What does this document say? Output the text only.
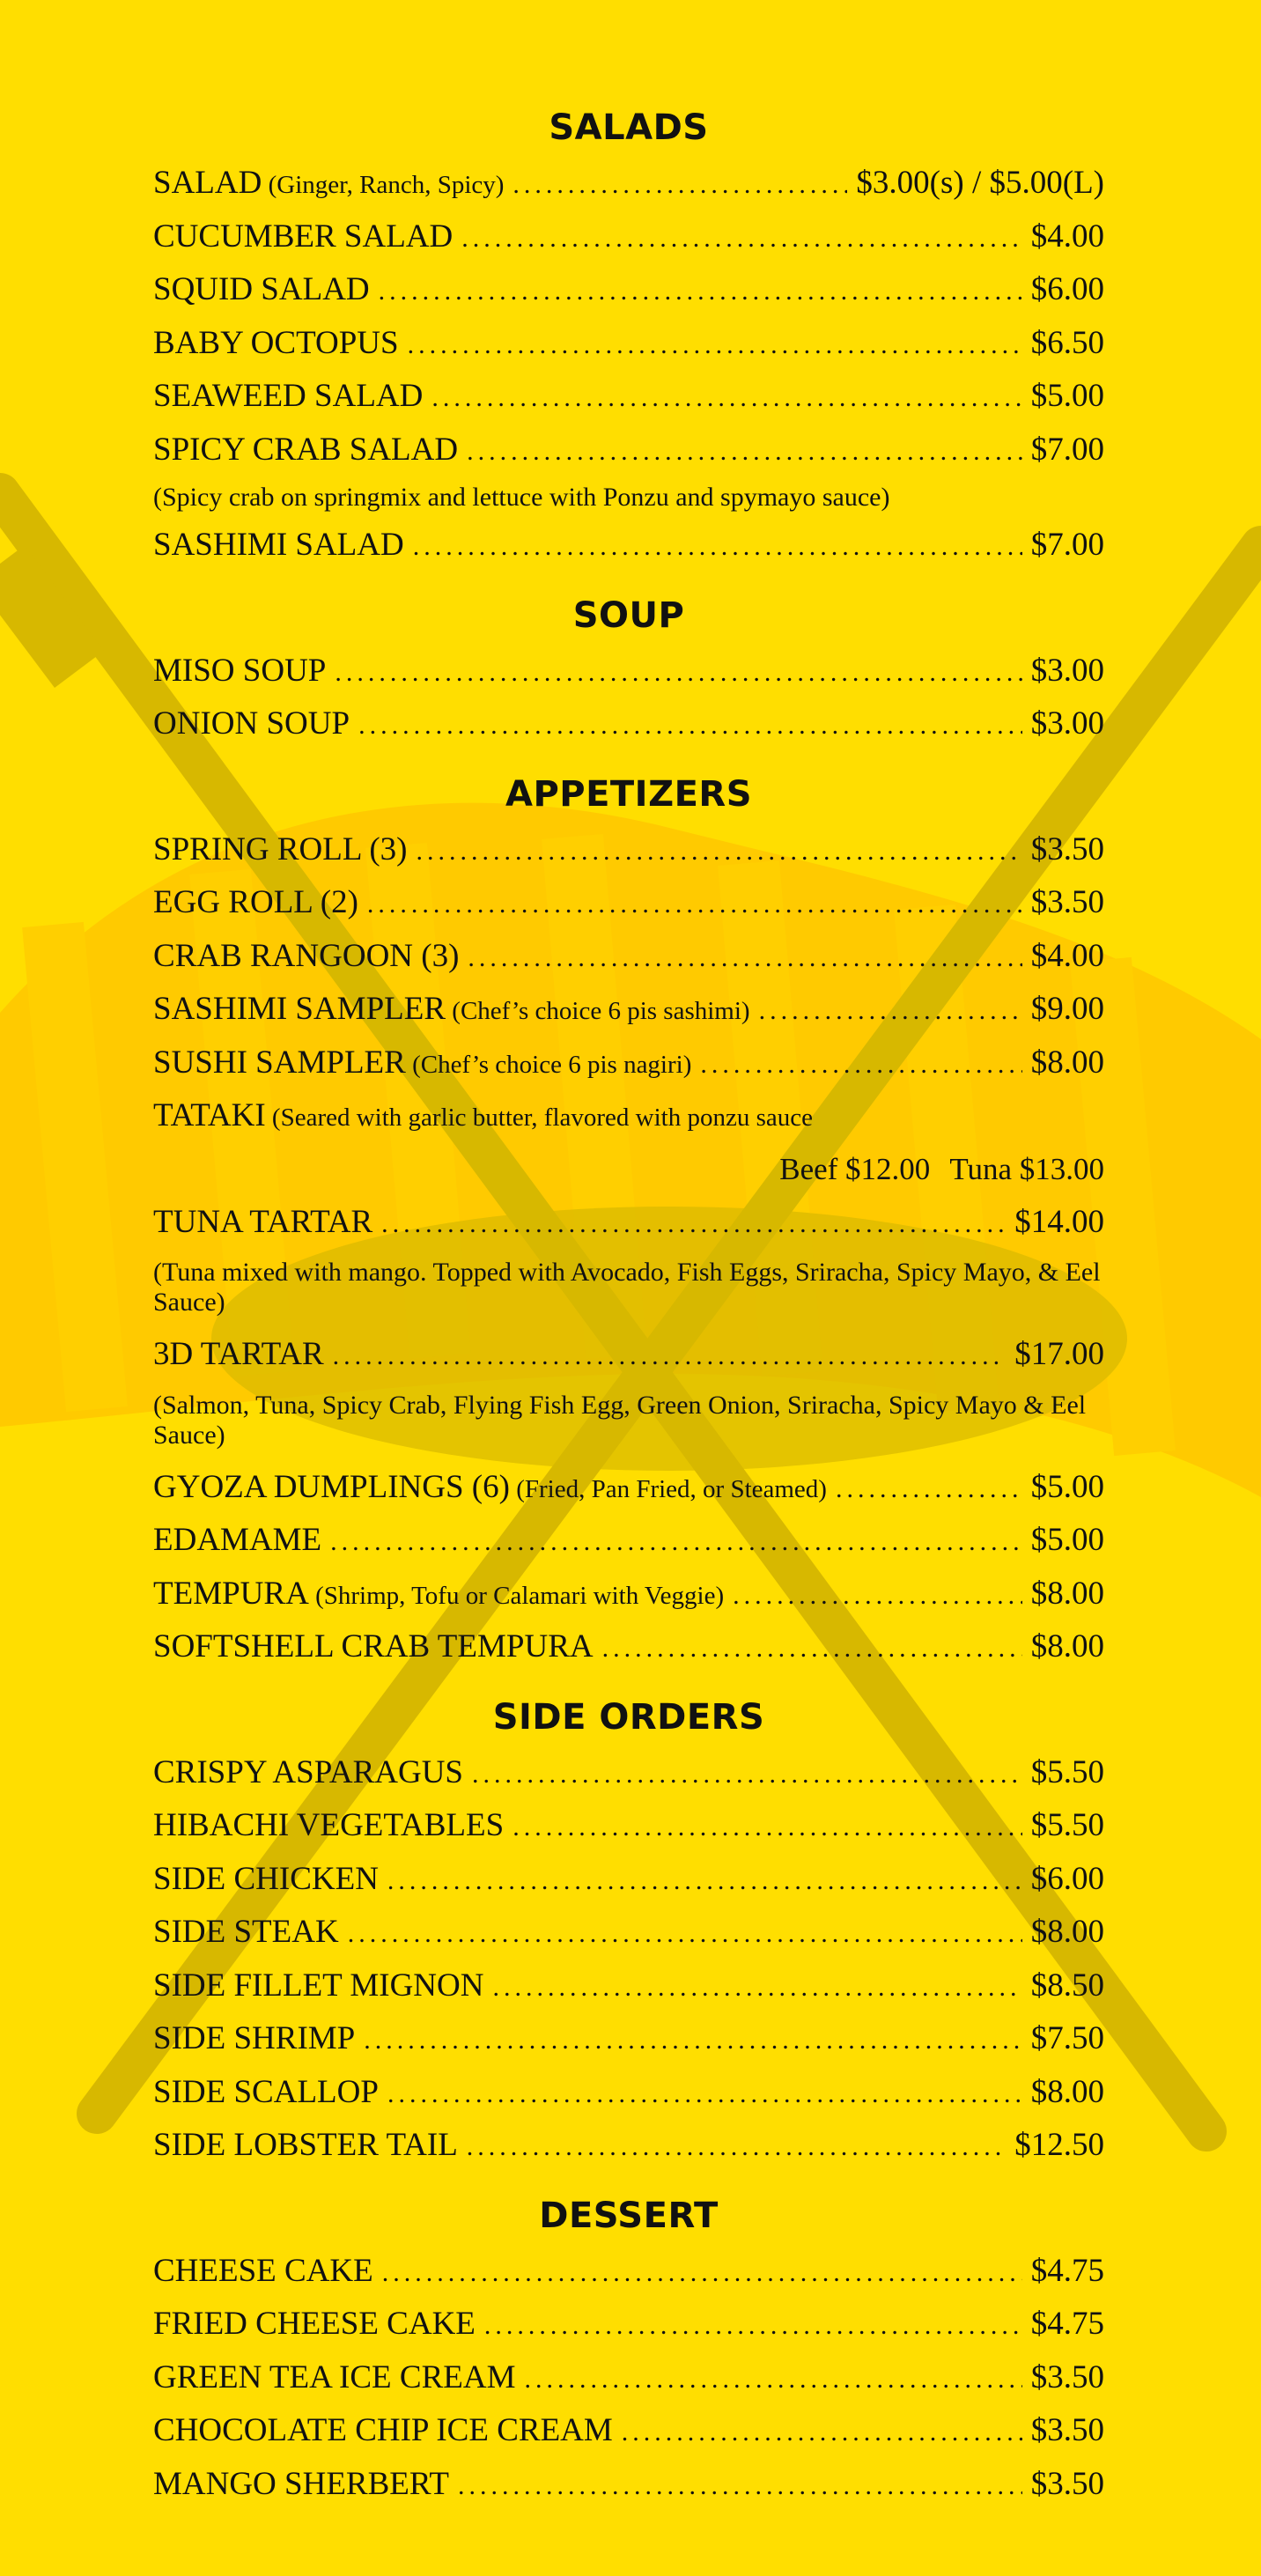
SALADS
SALAD (Ginger, Ranch, Spicy) .....	$3.00(s) / $5.00(L)
CUCUMBER SALAD .....	$4.00
SQUID SALAD .....	$6.00
BABY OCTOPUS .....	$6.50
SEAWEED SALAD .....	$5.00
SPICY CRAB SALAD .....	$7.00
(Spicy crab on springmix and lettuce with Ponzu and spymayo sauce)
SASHIMI SALAD .....	$7.00
SOUP
MISO SOUP .....	$3.00
ONION SOUP .....	$3.00
APPETIZERS
SPRING ROLL (3) .....	$3.50
EGG ROLL (2) .....	$3.50
CRAB RANGOON (3) .....	$4.00
SASHIMI SAMPLER (Chef’s choice 6 pis sashimi) .....	$9.00
SUSHI SAMPLER (Chef’s choice 6 pis nagiri) .....	$8.00
TATAKI (Seared with garlic butter, flavored with ponzu sauce
Beef $12.00 Tuna $13.00
TUNA TARTAR .....	$14.00
(Tuna mixed with mango. Topped with Avocado, Fish Eggs, Sriracha, Spicy Mayo, & Eel Sauce)
3D TARTAR .....	$17.00
(Salmon, Tuna, Spicy Crab, Flying Fish Egg, Green Onion, Sriracha, Spicy Mayo & Eel Sauce)
GYOZA DUMPLINGS (6) (Fried, Pan Fried, or Steamed) .....	$5.00
EDAMAME .....	$5.00
TEMPURA (Shrimp, Tofu or Calamari with Veggie) .....	$8.00
SOFTSHELL CRAB TEMPURA .....	$8.00
SIDE ORDERS
CRISPY ASPARAGUS .....	$5.50
HIBACHI VEGETABLES .....	$5.50
SIDE CHICKEN .....	$6.00
SIDE STEAK .....	$8.00
SIDE FILLET MIGNON .....	$8.50
SIDE SHRIMP .....	$7.50
SIDE SCALLOP .....	$8.00
SIDE LOBSTER TAIL .....	$12.50
DESSERT
CHEESE CAKE .....	$4.75
FRIED CHEESE CAKE .....	$4.75
GREEN TEA ICE CREAM .....	$3.50
CHOCOLATE CHIP ICE CREAM .....	$3.50
MANGO SHERBERT .....	$3.50
